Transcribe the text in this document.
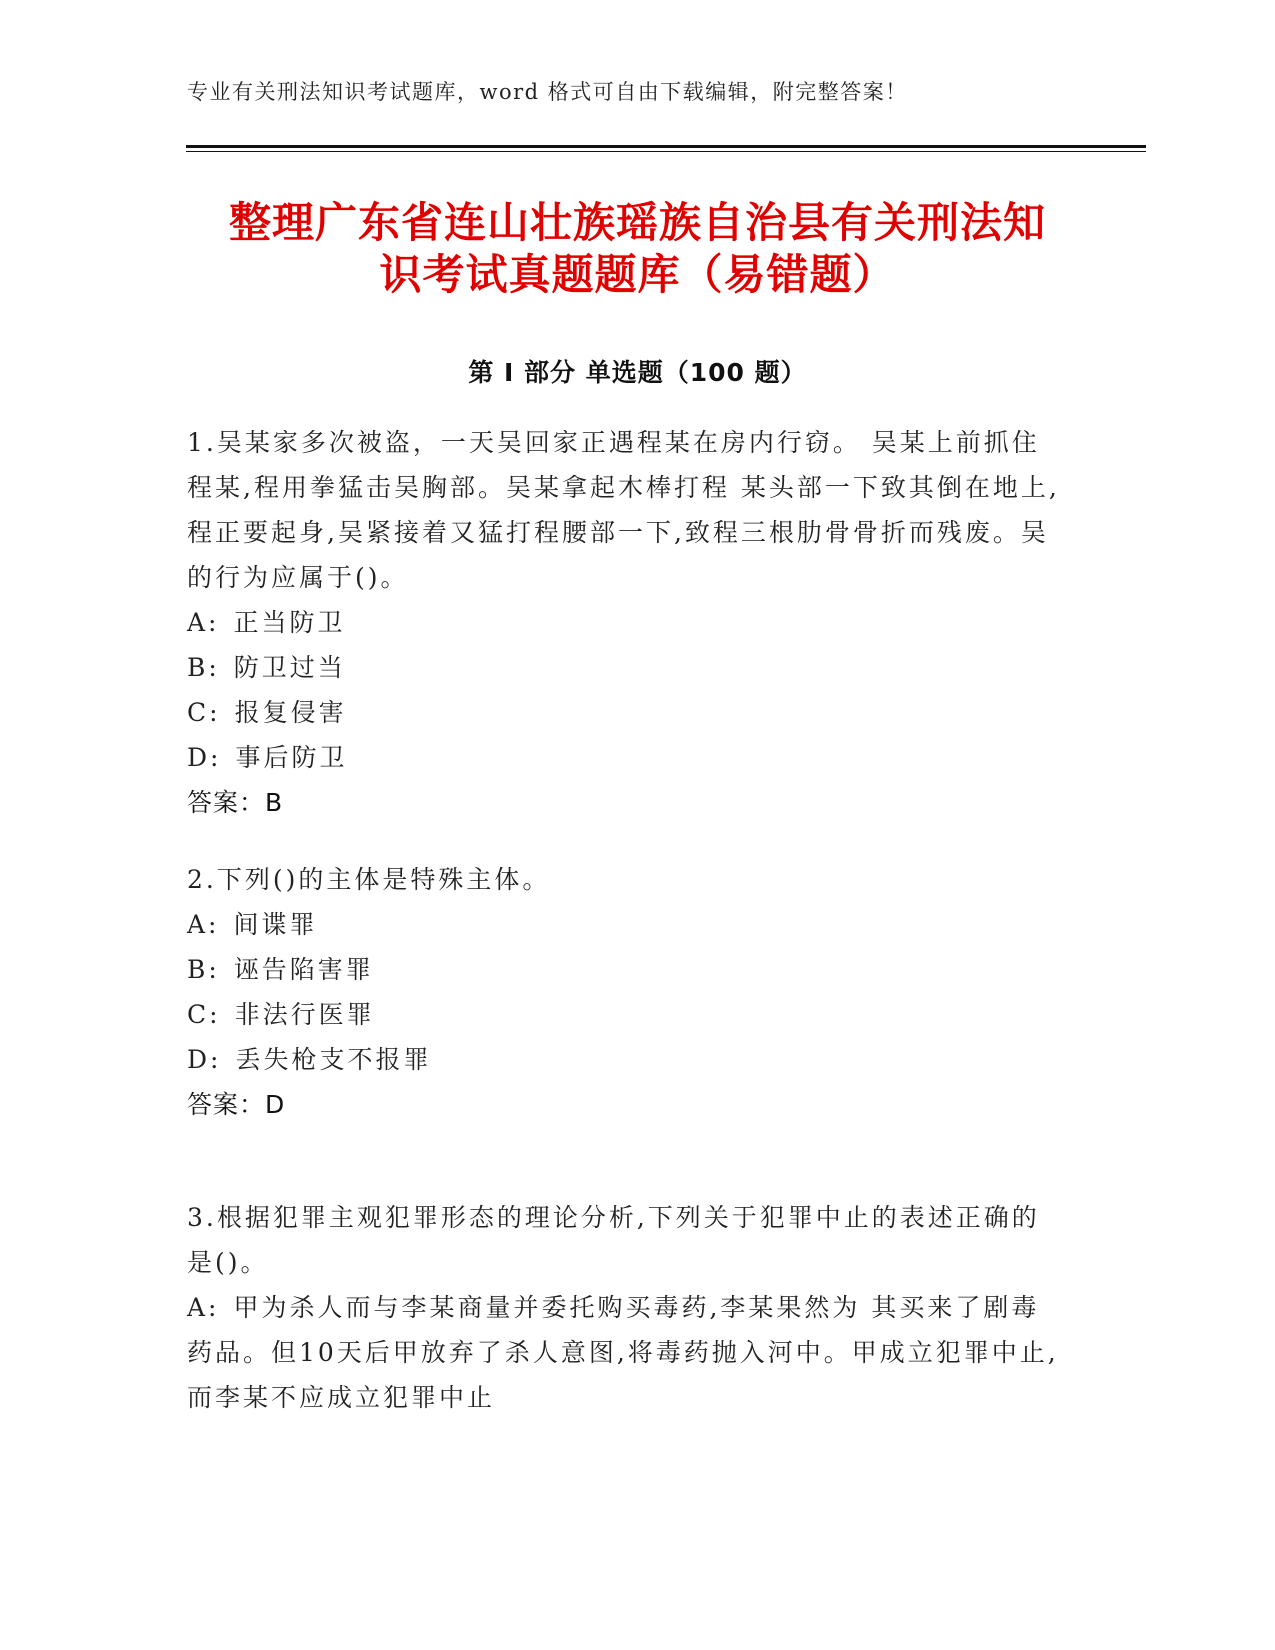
专业有关刑法知识考试题库，word 格式可自由下载编辑，附完整答案！
整理广东省连山壮族瑶族自治县有关刑法知
识考试真题题库（易错题）
第 I 部分 单选题（100 题）

1.吴某家多次被盗，一天吴回家正遇程某在房内行窃。 吴某上前抓住程某,程用拳猛击吴胸部。吴某拿起木棒打程 某头部一下致其倒在地上,程正要起身,吴紧接着又猛打程腰部一下,致程三根肋骨骨折而残废。吴的行为应属于()。

A: 正当防卫

B: 防卫过当

C: 报复侵害

D: 事后防卫

答案：B

2.下列()的主体是特殊主体。

A: 间谍罪

B: 诬告陷害罪

C: 非法行医罪

D: 丢失枪支不报罪

答案：D

3.根据犯罪主观犯罪形态的理论分析,下列关于犯罪中止的表述正确的是()。

A: 甲为杀人而与李某商量并委托购买毒药,李某果然为 其买来了剧毒药品。但10天后甲放弃了杀人意图,将毒药抛入河中。甲成立犯罪中止,而李某不应成立犯罪中止
